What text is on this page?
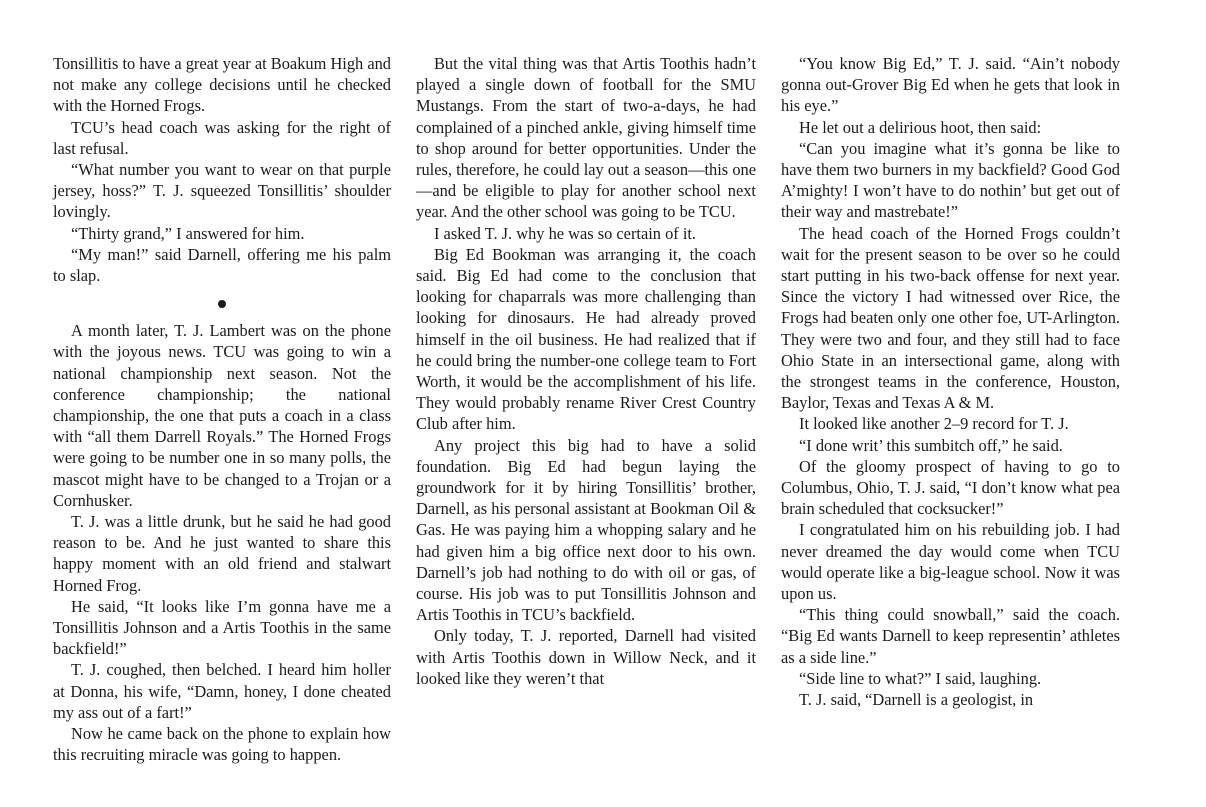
Tonsillitis to have a great year at Boakum High and not make any college decisions until he checked with the Horned Frogs.

TCU’s head coach was asking for the right of last refusal.

“What number you want to wear on that purple jersey, hoss?” T. J. squeezed Tonsillitis’ shoulder lovingly.

“Thirty grand,” I answered for him.

“My man!” said Darnell, offering me his palm to slap.

A month later, T. J. Lambert was on the phone with the joyous news. TCU was going to win a national championship next season. Not the conference championship; the national championship, the one that puts a coach in a class with “all them Darrell Royals.” The Horned Frogs were going to be number one in so many polls, the mascot might have to be changed to a Trojan or a Cornhusker.

T. J. was a little drunk, but he said he had good reason to be. And he just wanted to share this happy moment with an old friend and stalwart Horned Frog.

He said, “It looks like I’m gonna have me a Tonsillitis Johnson and a Artis Toothis in the same backfield!”

T. J. coughed, then belched. I heard him holler at Donna, his wife, “Damn, honey, I done cheated my ass out of a fart!”

Now he came back on the phone to explain how this recruiting miracle was going to happen.

But the vital thing was that Artis Toothis hadn’t played a single down of football for the SMU Mustangs. From the start of two-a-days, he had complained of a pinched ankle, giving himself time to shop around for better opportunities. Under the rules, therefore, he could lay out a season—this one—and be eligible to play for another school next year. And the other school was going to be TCU.

I asked T. J. why he was so certain of it.

Big Ed Bookman was arranging it, the coach said. Big Ed had come to the conclusion that looking for chaparrals was more challenging than looking for dinosaurs. He had already proved himself in the oil business. He had realized that if he could bring the number-one college team to Fort Worth, it would be the accomplishment of his life. They would probably rename River Crest Country Club after him.

Any project this big had to have a solid foundation. Big Ed had begun laying the groundwork for it by hiring Tonsillitis’ brother, Darnell, as his personal assistant at Bookman Oil & Gas. He was paying him a whopping salary and he had given him a big office next door to his own. Darnell’s job had nothing to do with oil or gas, of course. His job was to put Tonsillitis Johnson and Artis Toothis in TCU’s backfield.

Only today, T. J. reported, Darnell had visited with Artis Toothis down in Willow Neck, and it looked like they weren’t that

“You know Big Ed,” T. J. said. “Ain’t nobody gonna out-Grover Big Ed when he gets that look in his eye.”

He let out a delirious hoot, then said:

“Can you imagine what it’s gonna be like to have them two burners in my backfield? Good God A’mighty! I won’t have to do nothin’ but get out of their way and mastrebate!”

The head coach of the Horned Frogs couldn’t wait for the present season to be over so he could start putting in his two-back offense for next year. Since the victory I had witnessed over Rice, the Frogs had beaten only one other foe, UT-Arlington. They were two and four, and they still had to face Ohio State in an intersectional game, along with the strongest teams in the conference, Houston, Baylor, Texas and Texas A & M.

It looked like another 2–9 record for T. J.

“I done writ’ this sumbitch off,” he said.

Of the gloomy prospect of having to go to Columbus, Ohio, T. J. said, “I don’t know what pea brain scheduled that cocksucker!”

I congratulated him on his rebuilding job. I had never dreamed the day would come when TCU would operate like a big-league school. Now it was upon us.

“This thing could snowball,” said the coach. “Big Ed wants Darnell to keep representin’ athletes as a side line.”

“Side line to what?” I said, laughing.

T. J. said, “Darnell is a geologist, in
